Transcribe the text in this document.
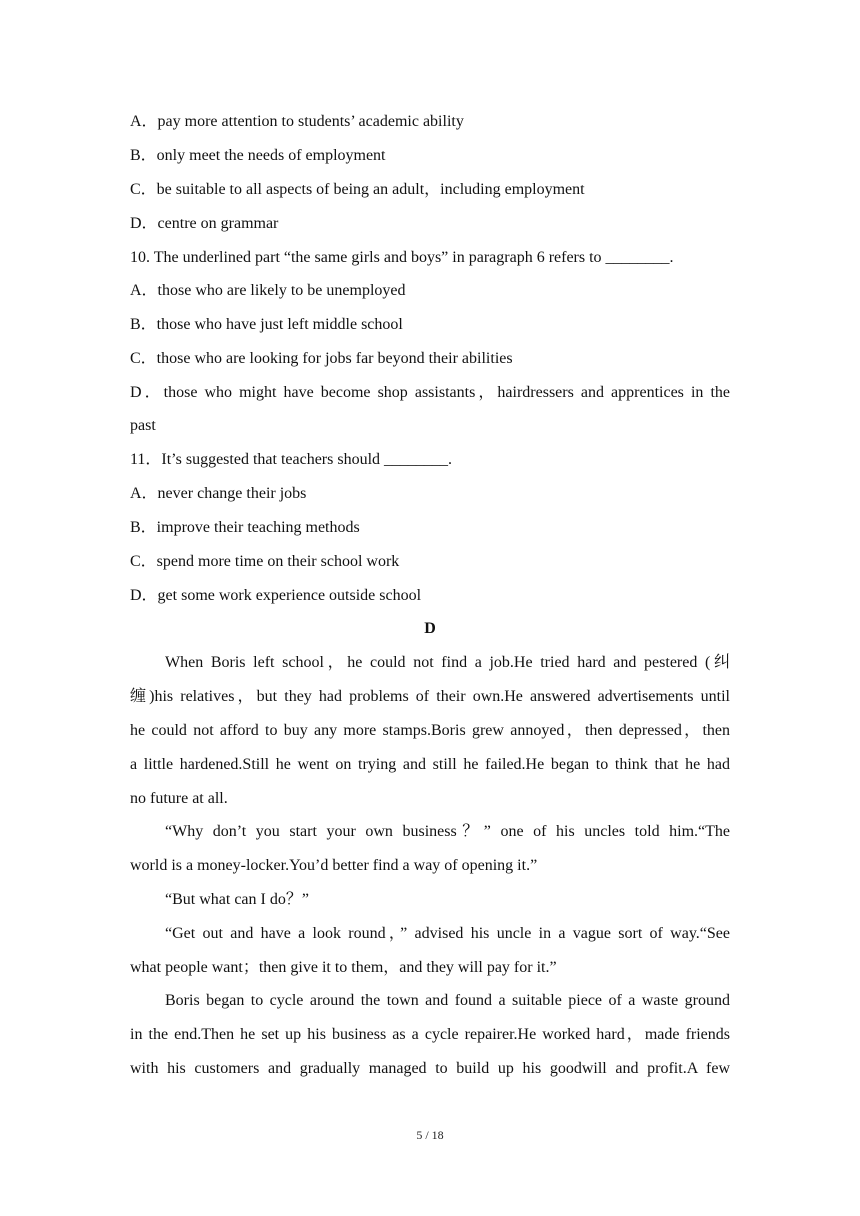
A．pay more attention to students’ academic ability
B．only meet the needs of employment
C．be suitable to all aspects of being an adult，including employment
D．centre on grammar
10. The underlined part “the same girls and boys” in paragraph 6 refers to ________.
A．those who are likely to be unemployed
B．those who have just left middle school
C．those who are looking for jobs far beyond their abilities
D．those who might have become shop assistants，hairdressers and apprentices in the
past
11．It’s suggested that teachers should ________.
A．never change their jobs
B．improve their teaching methods
C．spend more time on their school work
D．get some work experience outside school
D
When Boris left school，he could not find a job.He tried hard and pestered (纠
缠)his relatives，but they had problems of their own.He answered advertisements until
he could not afford to buy any more stamps.Boris grew annoyed，then depressed，then
a little hardened.Still he went on trying and still he failed.He began to think that he had
no future at all.
“Why don’t you start your own business？” one of his uncles told him.“The
world is a money-locker.You’d better find a way of opening it.”
“But what can I do？”
“Get out and have a look round，” advised his uncle in a vague sort of way.“See
what people want；then give it to them，and they will pay for it.”
Boris began to cycle around the town and found a suitable piece of a waste ground
in the end.Then he set up his business as a cycle repairer.He worked hard，made friends
with his customers and gradually managed to build up his goodwill and profit.A few
5 / 18
